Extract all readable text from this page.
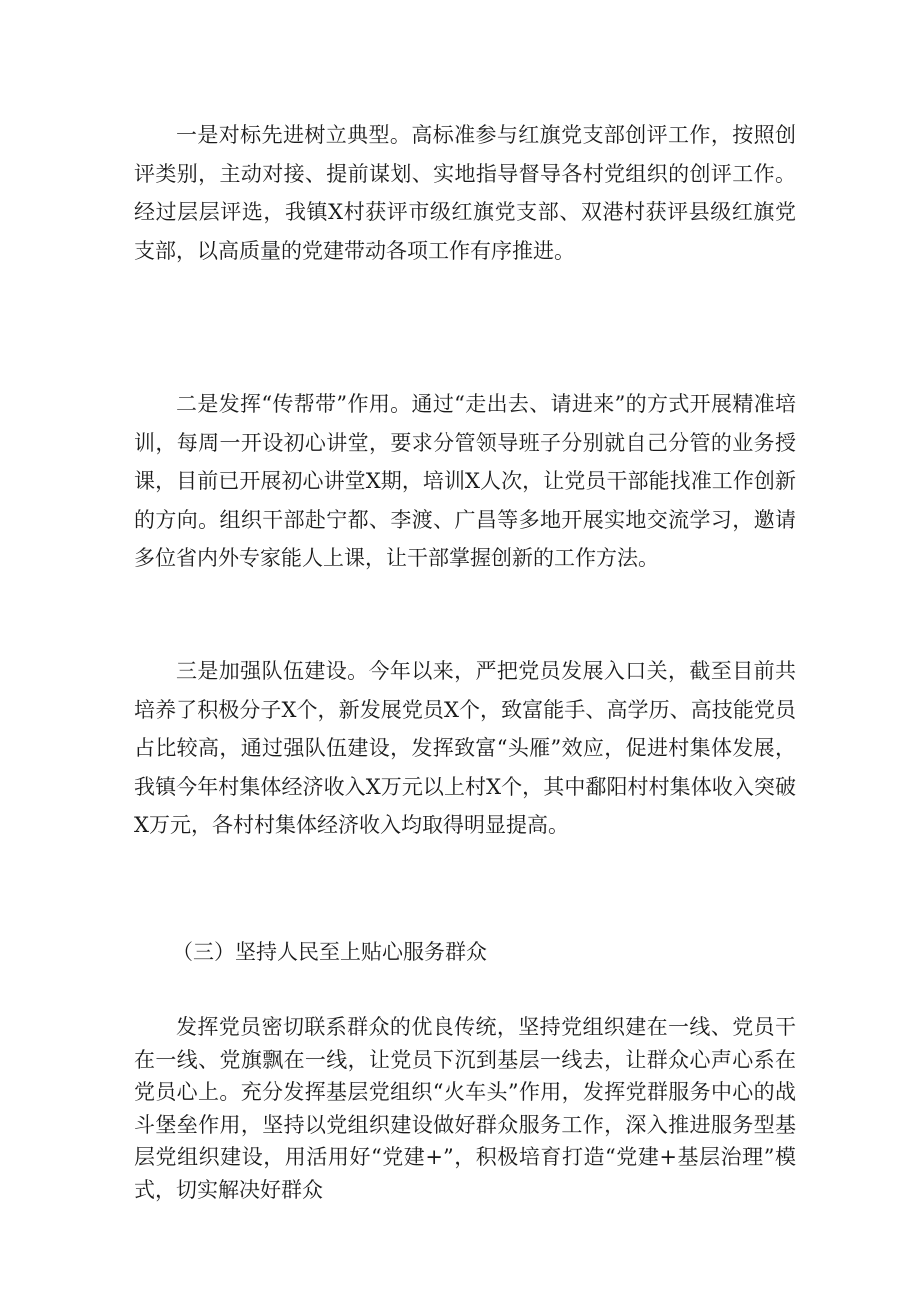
一是对标先进树立典型。高标准参与红旗党支部创评工作，按照创评类别，主动对接、提前谋划、实地指导督导各村党组织的创评工作。经过层层评选，我镇X村获评市级红旗党支部、双港村获评县级红旗党支部，以高质量的党建带动各项工作有序推进。

二是发挥“传帮带”作用。通过“走出去、请进来”的方式开展精准培训，每周一开设初心讲堂，要求分管领导班子分别就自己分管的业务授课，目前已开展初心讲堂X期，培训X人次，让党员干部能找准工作创新的方向。组织干部赴宁都、李渡、广昌等多地开展实地交流学习，邀请多位省内外专家能人上课，让干部掌握创新的工作方法。

三是加强队伍建设。今年以来，严把党员发展入口关，截至目前共培养了积极分子X个，新发展党员X个，致富能手、高学历、高技能党员占比较高，通过强队伍建设，发挥致富“头雁”效应，促进村集体发展，我镇今年村集体经济收入X万元以上村X个，其中鄱阳村村集体收入突破X万元，各村村集体经济收入均取得明显提高。

（三）坚持人民至上贴心服务群众

发挥党员密切联系群众的优良传统，坚持党组织建在一线、党员干在一线、党旗飘在一线，让党员下沉到基层一线去，让群众心声心系在党员心上。充分发挥基层党组织“火车头”作用，发挥党群服务中心的战斗堡垒作用，坚持以党组织建设做好群众服务工作，深入推进服务型基层党组织建设，用活用好“党建+”，积极培育打造“党建+基层治理”模式，切实解决好群众
